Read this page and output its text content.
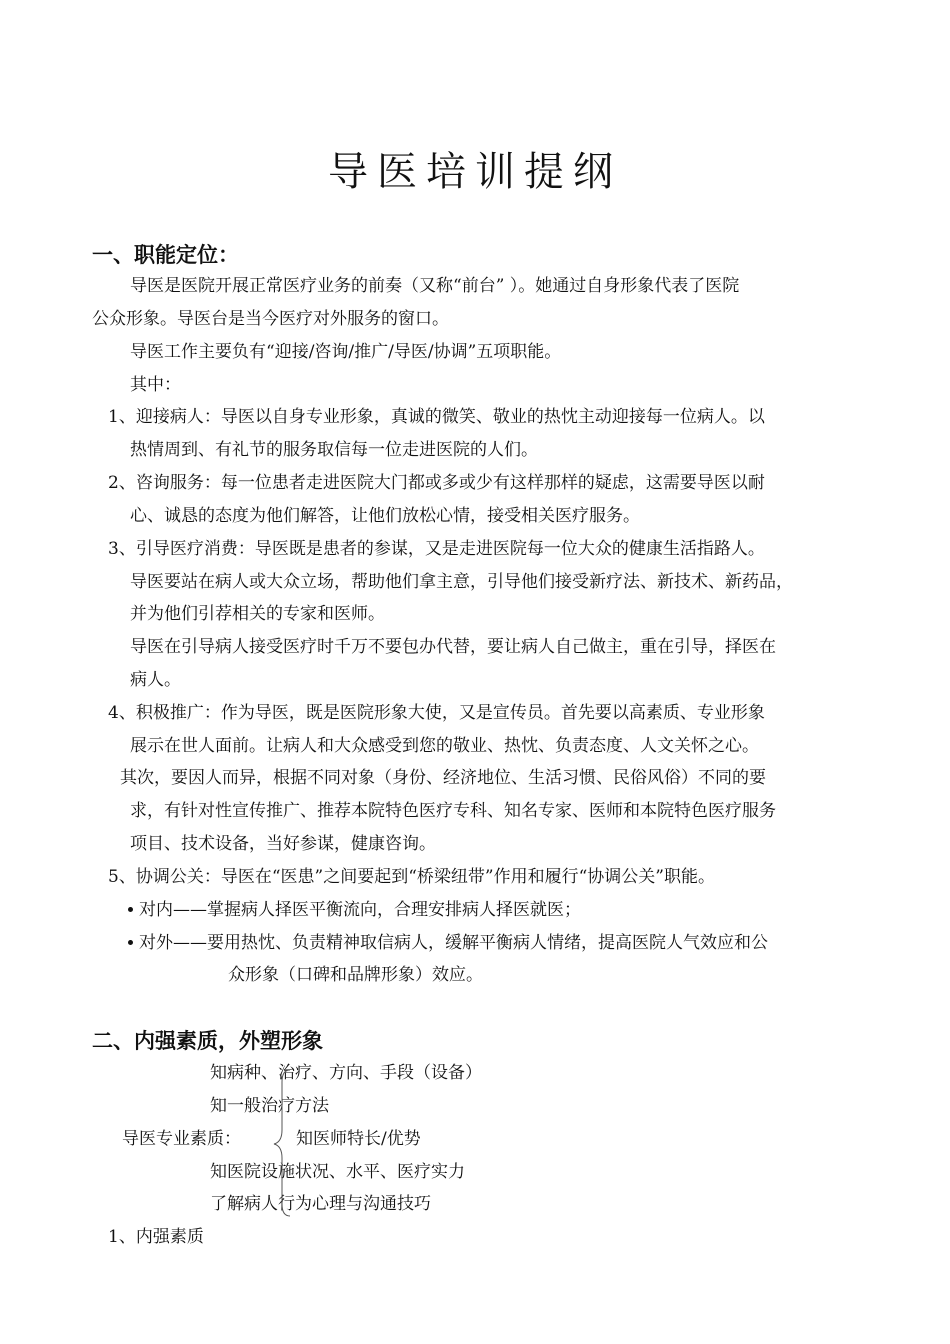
导医培训提纲
一、职能定位：
导医是医院开展正常医疗业务的前奏（又称“前台” ）。她通过自身形象代表了医院
公众形象。导医台是当今医疗对外服务的窗口。
导医工作主要负有“迎接/咨询/推广/导医/协调”五项职能。
其中：
1、迎接病人：导医以自身专业形象，真诚的微笑、敬业的热忱主动迎接每一位病人。以
热情周到、有礼节的服务取信每一位走进医院的人们。
2、咨询服务：每一位患者走进医院大门都或多或少有这样那样的疑虑，这需要导医以耐
心、诚恳的态度为他们解答，让他们放松心情，接受相关医疗服务。
3、引导医疗消费：导医既是患者的参谋，又是走进医院每一位大众的健康生活指路人。
导医要站在病人或大众立场，帮助他们拿主意，引导他们接受新疗法、新技术、新药品，
并为他们引荐相关的专家和医师。
导医在引导病人接受医疗时千万不要包办代替，要让病人自己做主，重在引导，择医在
病人。
4、积极推广：作为导医，既是医院形象大使，又是宣传员。首先要以高素质、专业形象
展示在世人面前。让病人和大众感受到您的敬业、热忱、负责态度、人文关怀之心。
其次，要因人而异，根据不同对象（身份、经济地位、生活习惯、民俗风俗）不同的要
求，有针对性宣传推广、推荐本院特色医疗专科、知名专家、医师和本院特色医疗服务
项目、技术设备，当好参谋，健康咨询。
5、协调公关：导医在“医患”之间要起到“桥梁纽带”作用和履行“协调公关”职能。
对内——掌握病人择医平衡流向，合理安排病人择医就医；
对外——要用热忱、负责精神取信病人，缓解平衡病人情绪，提高医院人气效应和公
众形象（口碑和品牌形象）效应。
二、内强素质，外塑形象
知病种、治疗、方向、手段（设备）
知一般治疗方法
导医专业素质：	知医师特长/优势
知医院设施状况、水平、医疗实力
了解病人行为心理与沟通技巧
1、内强素质
